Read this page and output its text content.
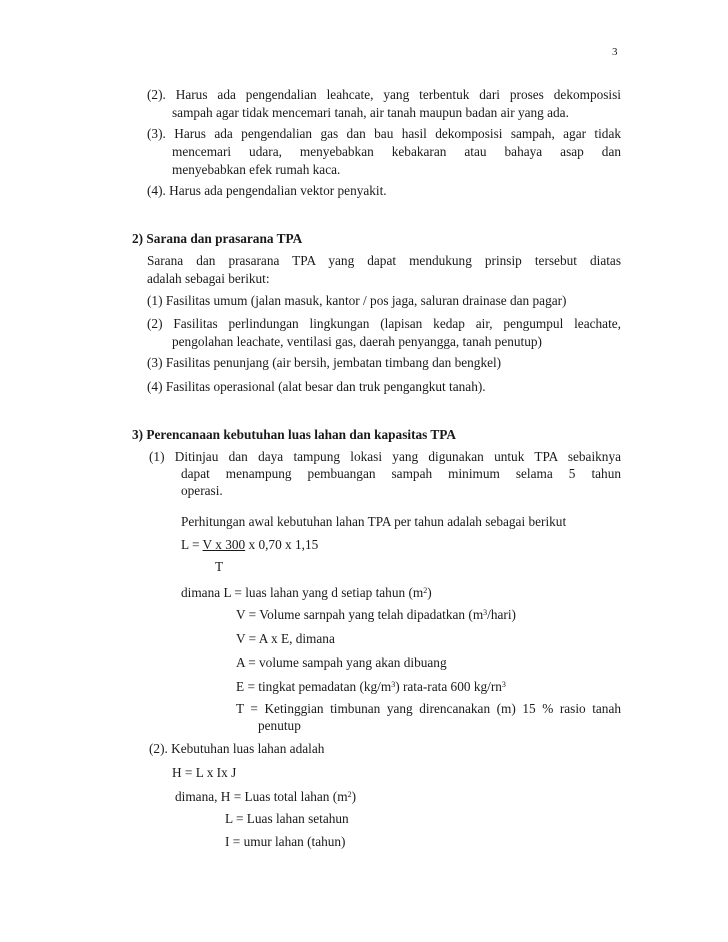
3
(2). Harus ada pengendalian leahcate, yang terbentuk dari proses dekomposisi
sampah agar tidak mencemari tanah, air tanah maupun badan air yang ada.
(3). Harus ada pengendalian gas dan bau hasil dekomposisi sampah, agar tidak
mencemari udara, menyebabkan kebakaran atau bahaya asap dan
menyebabkan efek rumah kaca.
(4). Harus ada pengendalian vektor penyakit.
2) Sarana dan prasarana TPA
Sarana dan prasarana TPA yang dapat mendukung prinsip tersebut diatas
adalah sebagai berikut:
(1) Fasilitas umum (jalan masuk, kantor / pos jaga, saluran drainase dan pagar)
(2) Fasilitas perlindungan lingkungan (lapisan kedap air, pengumpul leachate,
pengolahan leachate, ventilasi gas, daerah penyangga, tanah penutup)
(3) Fasilitas penunjang (air bersih, jembatan timbang dan bengkel)
(4) Fasilitas operasional (alat besar dan truk pengangkut tanah).
3) Perencanaan kebutuhan luas lahan dan kapasitas TPA
(1) Ditinjau dan daya tampung lokasi yang digunakan untuk TPA sebaiknya
dapat menampung pembuangan sampah minimum selama 5 tahun
operasi.
Perhitungan awal kebutuhan lahan TPA per tahun adalah sebagai berikut
L = V x 300 x 0,70 x 1,15
T
dimana L = luas lahan yang d setiap tahun $(m^2)$
V = Volume sarnpah yang telah dipadatkan $(m^3/hari)$
V = A x E, dimana
A = volume sampah yang akan dibuang
E = tingkat pemadatan $(kg/m^3)$ rata-rata 600 $kg/rn^3$
T = Ketinggian timbunan yang direncanakan (m) 15 % rasio tanah
penutup
(2). Kebutuhan luas lahan adalah
H = L x Ix J
dimana, H = Luas total lahan $(m^2)$
L = Luas lahan setahun
I = umur lahan (tahun)
